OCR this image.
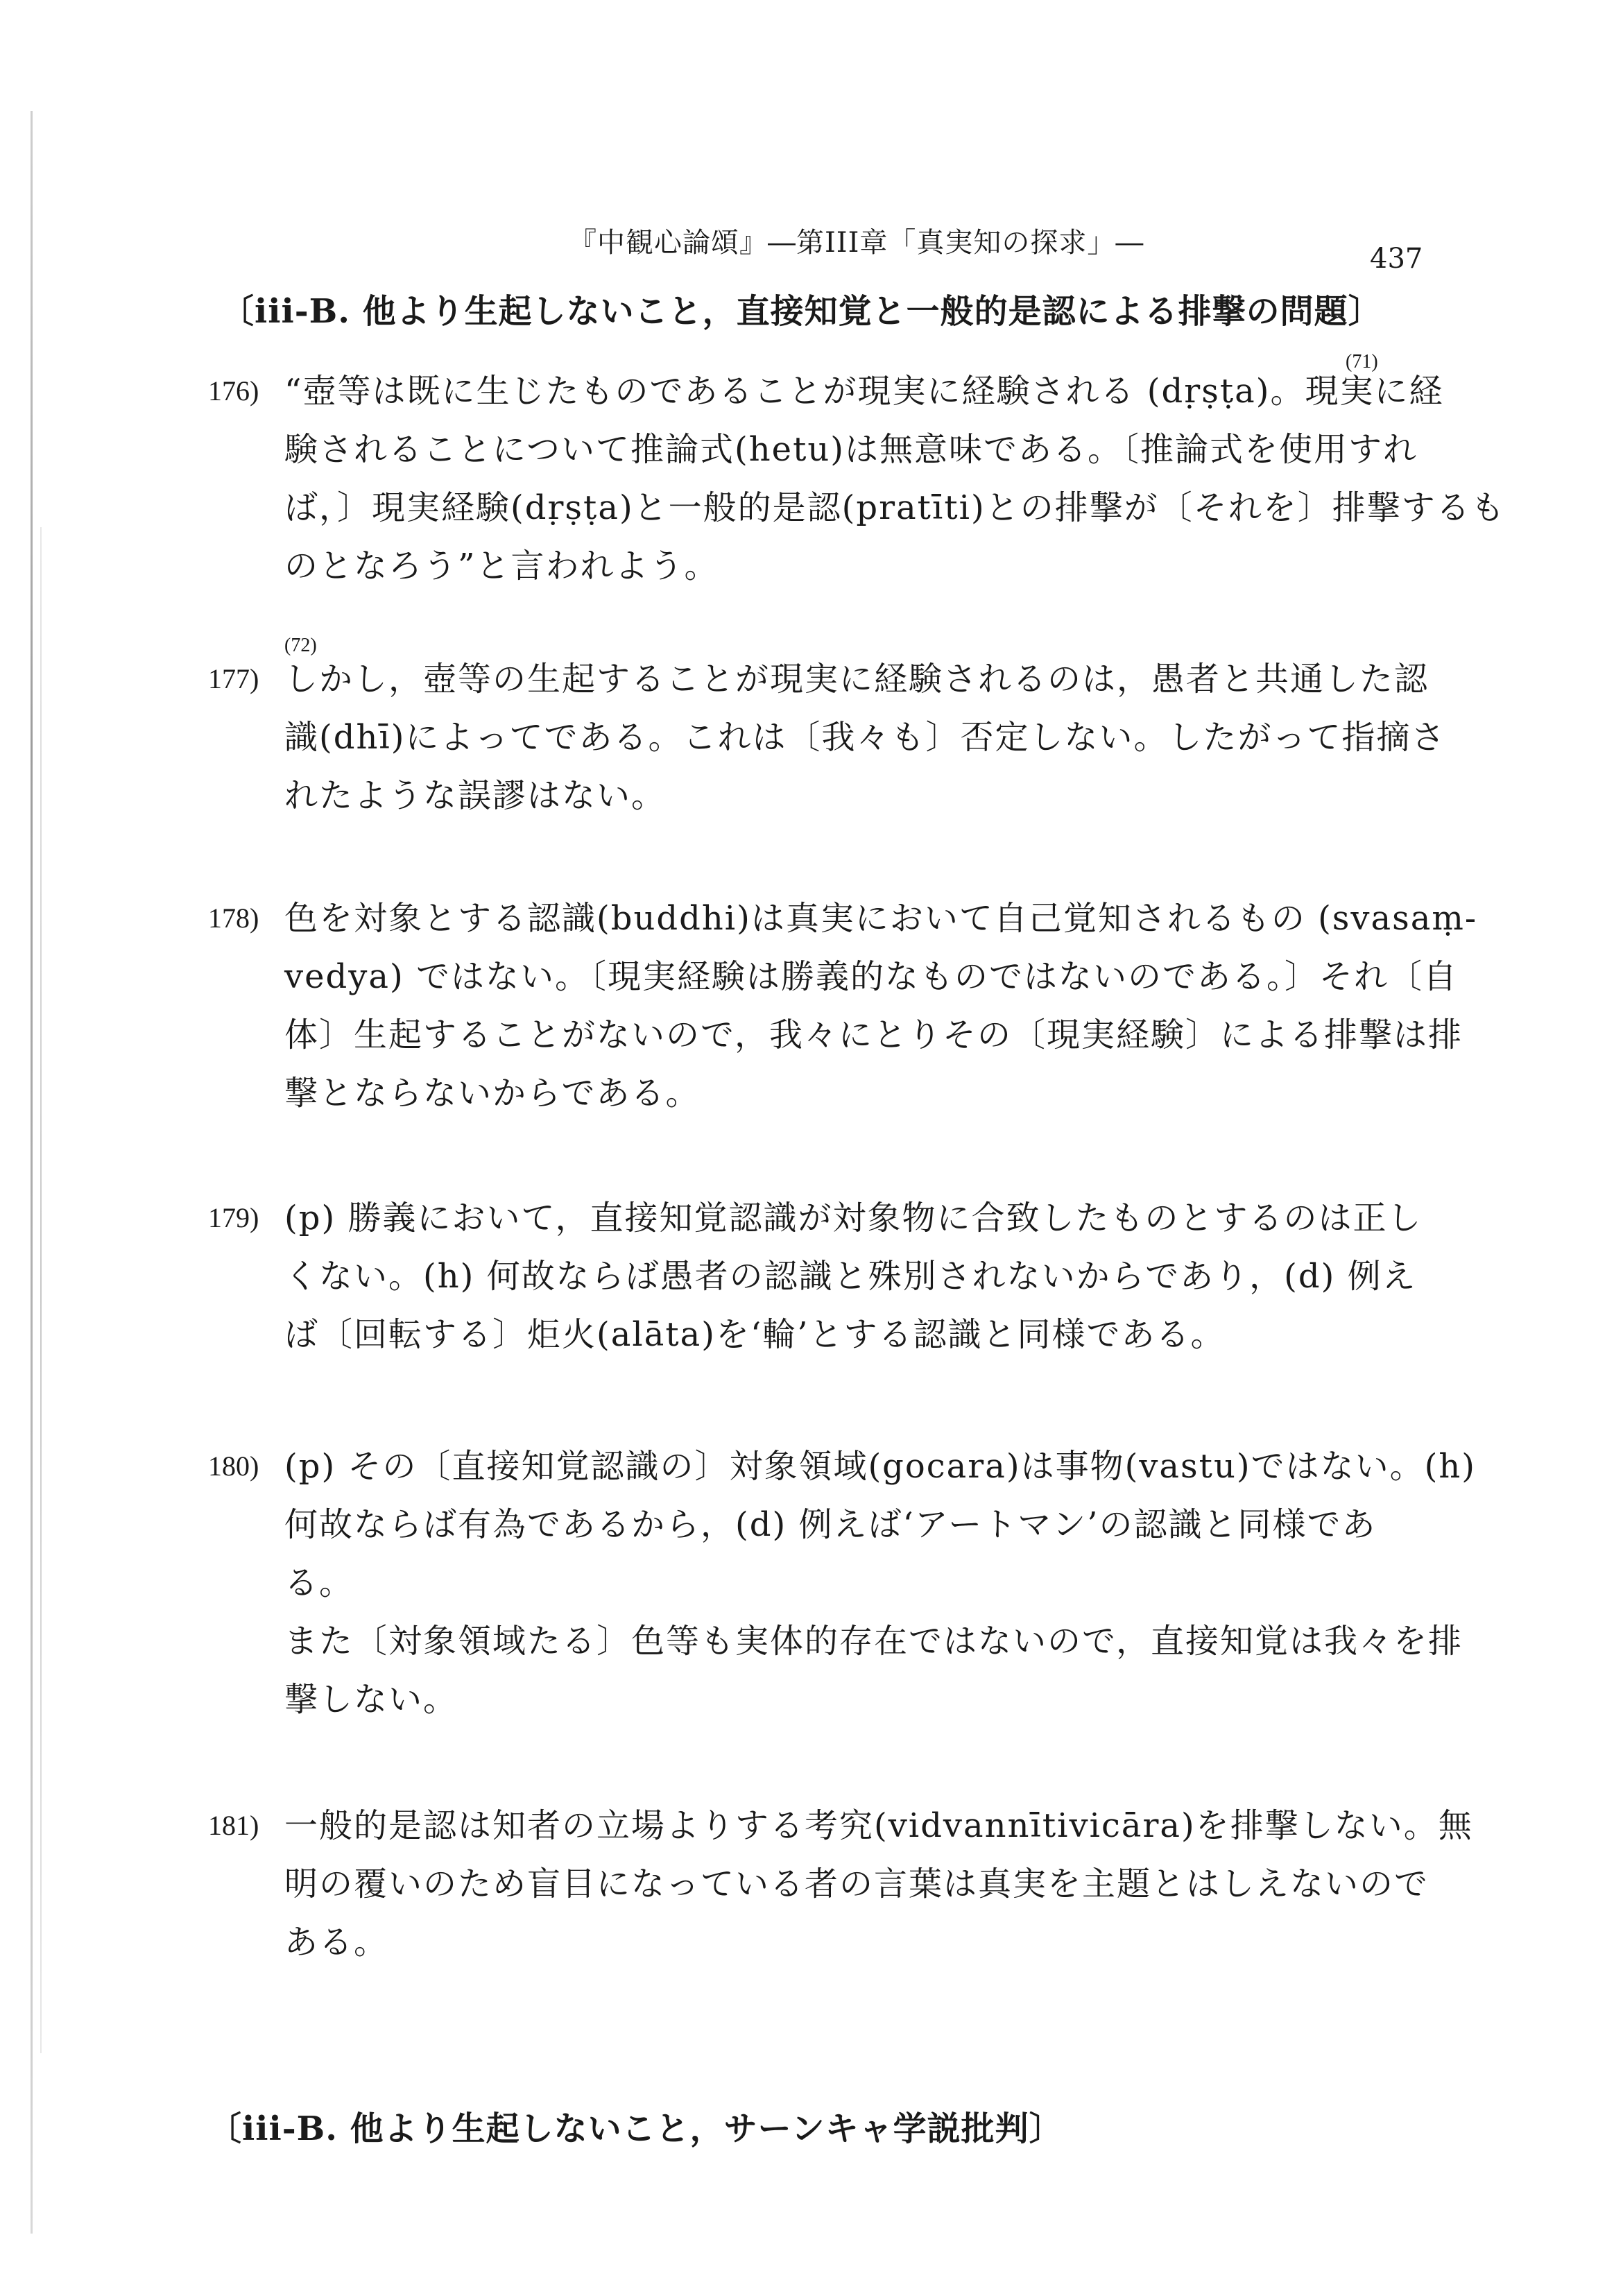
『中観心論頌』―第III章「真実知の探求」―	437
〔iii-B. 他より生起しないこと，直接知覚と一般的是認による排撃の問題〕
176)
(71)
“壺等は既に生じたものであることが現実に経験される (dṛṣṭa)。現実に経
験されることについて推論式(hetu)は無意味である。〔推論式を使用すれ
ば，〕現実経験(dṛṣṭa)と一般的是認(pratīti)との排撃が〔それを〕排撃するも
のとなろう”と言われよう。
177)
(72)
しかし，壺等の生起することが現実に経験されるのは，愚者と共通した認
識(dhī)によってである。これは〔我々も〕否定しない。したがって指摘さ
れたような誤謬はない。
178) 色を対象とする認識(buddhi)は真実において自己覚知されるもの (svasaṃ-
vedya) ではない。〔現実経験は勝義的なものではないのである。〕それ〔自
体〕生起することがないので，我々にとりその〔現実経験〕による排撃は排
撃とならないからである。
179) (p) 勝義において，直接知覚認識が対象物に合致したものとするのは正し
くない。(h) 何故ならば愚者の認識と殊別されないからであり，(d) 例え
ば〔回転する〕炬火(alāta)を‘輪’とする認識と同様である。
180) (p) その〔直接知覚認識の〕対象領域(gocara)は事物(vastu)ではない。(h)
何故ならば有為であるから，(d) 例えば‘アートマン’の認識と同様であ
る。
また〔対象領域たる〕色等も実体的存在ではないので，直接知覚は我々を排
撃しない。
181) 一般的是認は知者の立場よりする考究(vidvannītivicāra)を排撃しない。無
明の覆いのため盲目になっている者の言葉は真実を主題とはしえないので
ある。
〔iii-B. 他より生起しないこと，サーンキャ学説批判〕
